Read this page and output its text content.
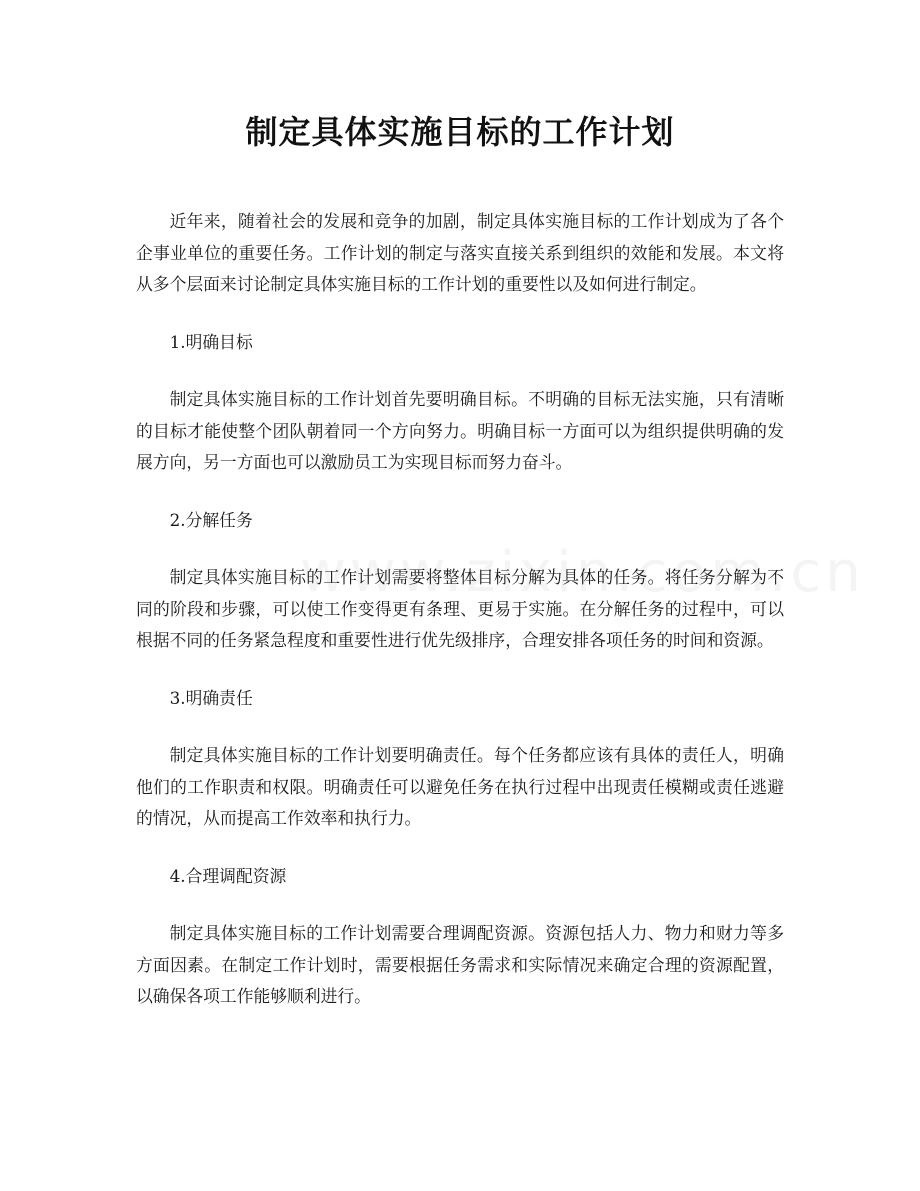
制定具体实施目标的工作计划

近年来，随着社会的发展和竞争的加剧，制定具体实施目标的工作计划成为了各个企事业单位的重要任务。工作计划的制定与落实直接关系到组织的效能和发展。本文将从多个层面来讨论制定具体实施目标的工作计划的重要性以及如何进行制定。

1.明确目标

制定具体实施目标的工作计划首先要明确目标。不明确的目标无法实施，只有清晰的目标才能使整个团队朝着同一个方向努力。明确目标一方面可以为组织提供明确的发展方向，另一方面也可以激励员工为实现目标而努力奋斗。

2.分解任务

制定具体实施目标的工作计划需要将整体目标分解为具体的任务。将任务分解为不同的阶段和步骤，可以使工作变得更有条理、更易于实施。在分解任务的过程中，可以根据不同的任务紧急程度和重要性进行优先级排序，合理安排各项任务的时间和资源。

3.明确责任

制定具体实施目标的工作计划要明确责任。每个任务都应该有具体的责任人，明确他们的工作职责和权限。明确责任可以避免任务在执行过程中出现责任模糊或责任逃避的情况，从而提高工作效率和执行力。

4.合理调配资源

制定具体实施目标的工作计划需要合理调配资源。资源包括人力、物力和财力等多方面因素。在制定工作计划时，需要根据任务需求和实际情况来确定合理的资源配置，以确保各项工作能够顺利进行。
